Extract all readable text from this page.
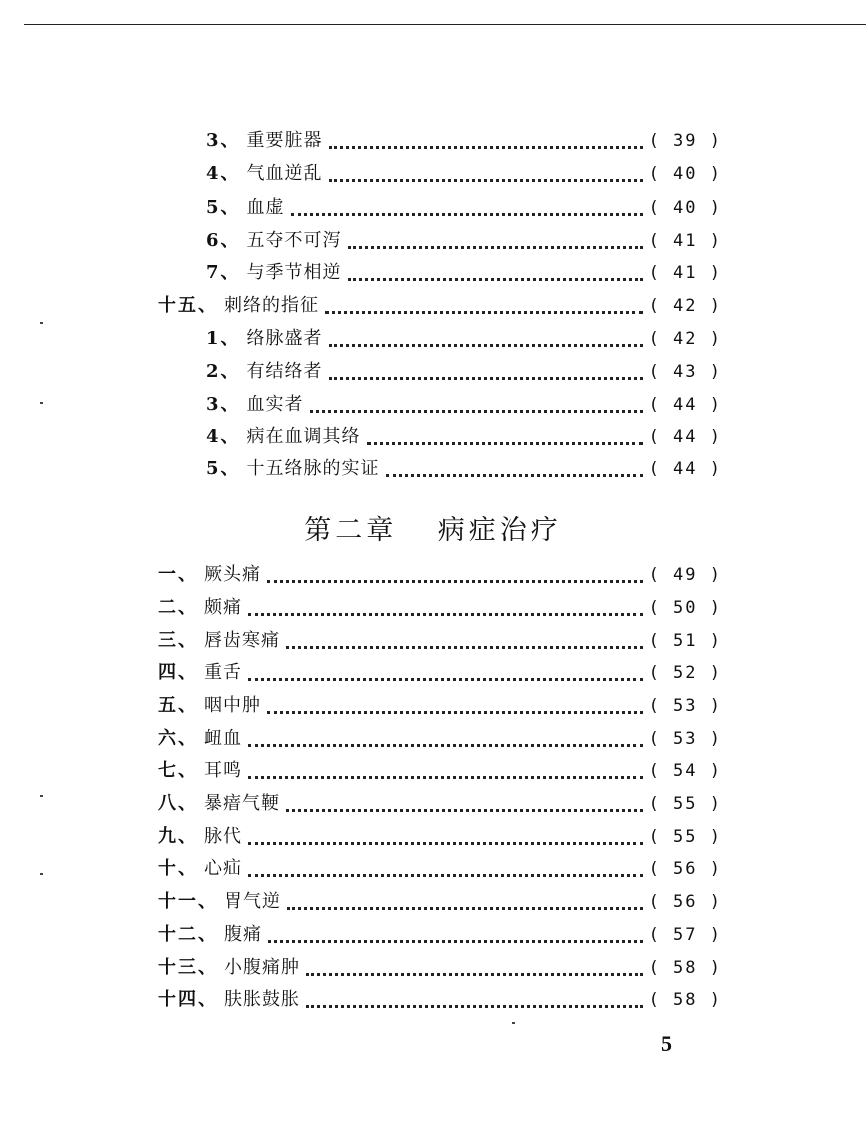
3、 重要脏器	( 39 )
4、 气血逆乱	( 40 )
5、 血虚	( 40 )
6、 五夺不可泻	( 41 )
7、 与季节相逆	( 41 )
十五、 刺络的指征	( 42 )
1、 络脉盛者	( 42 )
2、 有结络者	( 43 )
3、 血实者	( 44 )
4、 病在血调其络	( 44 )
5、 十五络脉的实证	( 44 )
第二章 病症治疗
一、 厥头痛	( 49 )
二、 颇痛	( 50 )
三、 唇齿寒痛	( 51 )
四、 重舌	( 52 )
五、 咽中肿	( 53 )
六、 衄血	( 53 )
七、 耳鸣	( 54 )
八、 暴瘖气鞕	( 55 )
九、 脉代	( 55 )
十、 心疝	( 56 )
十一、 胃气逆	( 56 )
十二、 腹痛	( 57 )
十三、 小腹痛肿	( 58 )
十四、 肤胀鼓胀	( 58 )
5
